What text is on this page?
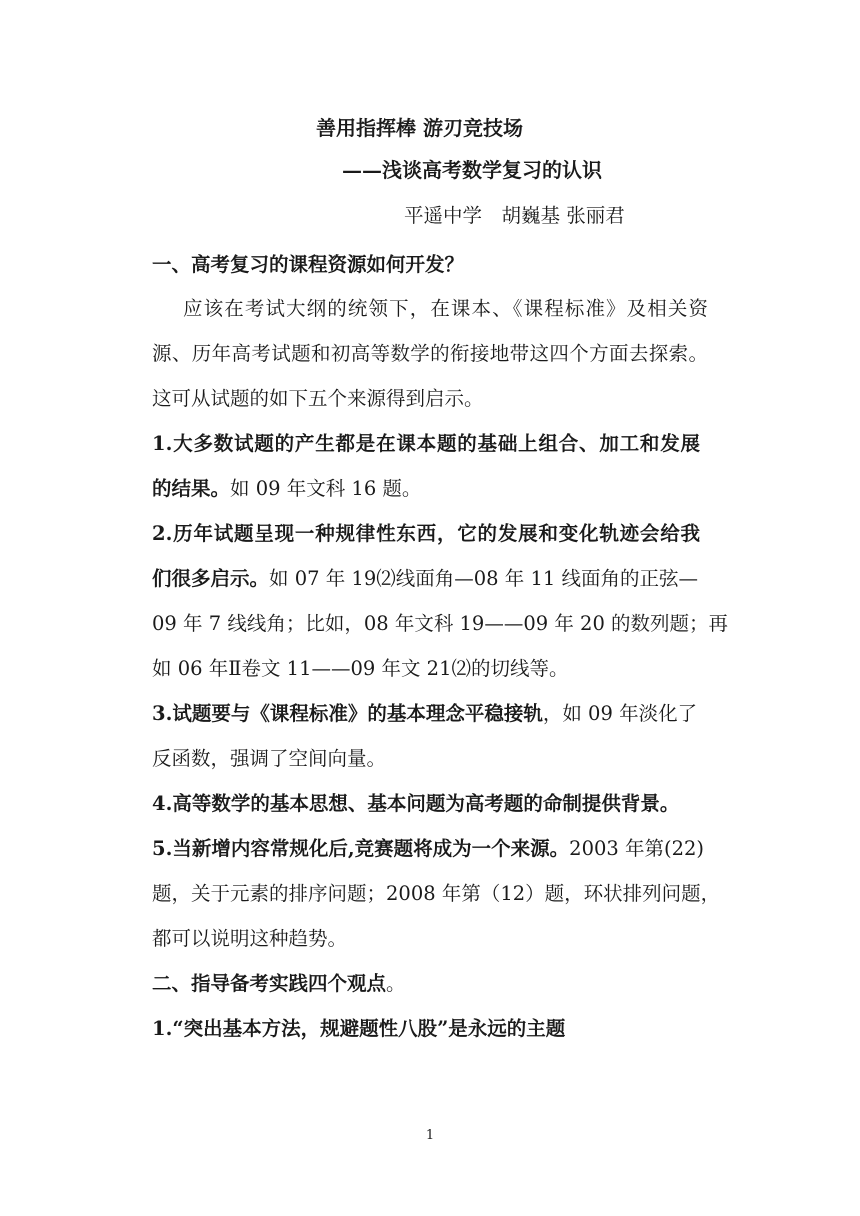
善用指挥棒 游刃竞技场
——浅谈高考数学复习的认识
平遥中学　胡巍基 张丽君
一、高考复习的课程资源如何开发？
应该在考试大纲的统领下，在课本、《课程标准》及相关资
源、历年高考试题和初高等数学的衔接地带这四个方面去探索。
这可从试题的如下五个来源得到启示。
1.大多数试题的产生都是在课本题的基础上组合、加工和发展
的结果。如 09 年文科 16 题。
2.历年试题呈现一种规律性东西，它的发展和变化轨迹会给我
们很多启示。如 07 年 19⑵线面角—08 年 11 线面角的正弦—
09 年 7 线线角；比如，08 年文科 19——09 年 20 的数列题；再
如 06 年Ⅱ卷文 11——09 年文 21⑵的切线等。
3.试题要与《课程标准》的基本理念平稳接轨，如 09 年淡化了
反函数，强调了空间向量。
4.高等数学的基本思想、基本问题为高考题的命制提供背景。
5.当新增内容常规化后,竞赛题将成为一个来源。2003 年第(22)
题，关于元素的排序问题；2008 年第（12）题，环状排列问题，
都可以说明这种趋势。
二、指导备考实践四个观点。
1.“突出基本方法，规避题性八股”是永远的主题
1
